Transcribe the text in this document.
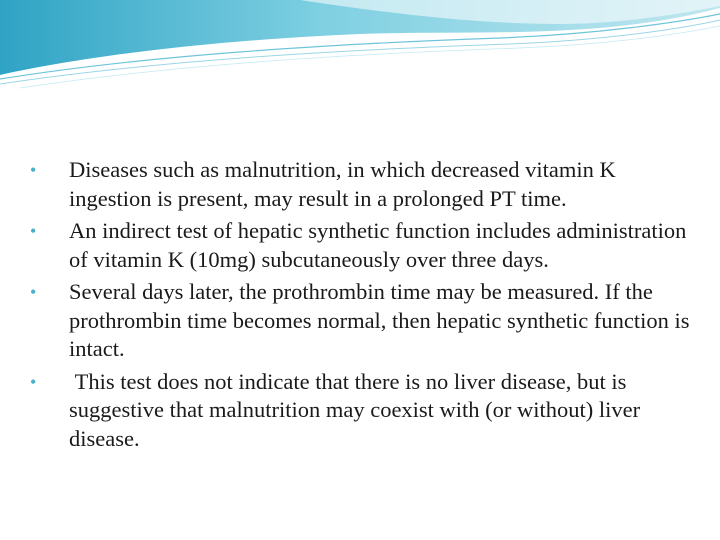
•	Diseases such as malnutrition, in which decreased vitamin K ingestion is present, may result in a prolonged PT time.
•	An indirect test of hepatic synthetic function includes administration of vitamin K (10mg) subcutaneously over three days.
•	Several days later, the prothrombin time may be measured. If the prothrombin time becomes normal, then hepatic synthetic function is intact.
•	This test does not indicate that there is no liver disease, but is suggestive that malnutrition may coexist with (or without) liver disease.
